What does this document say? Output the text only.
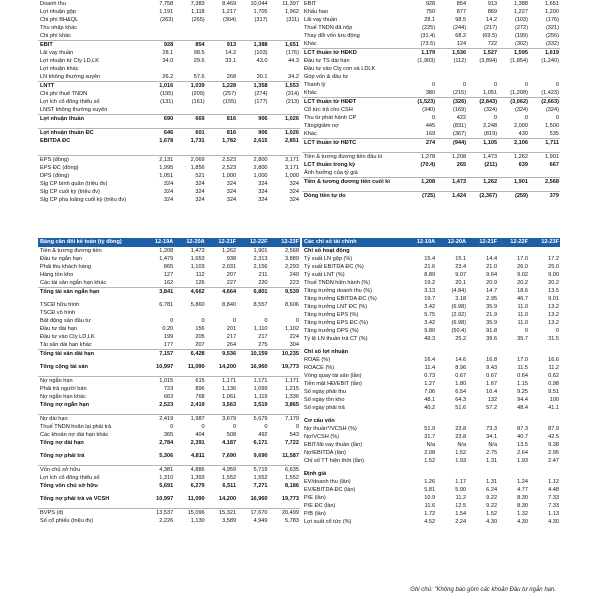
Doanh thu	7,758	7,383	8,469	10,044	11,397
Lợi nhuận gộp	1,191	1,118	1,217	1,705	1,962
Chi phí BH&QL	(263)	(265)	(304)	(317)	(311)
Thu nhập khác					
Chi phí khác					
EBIT	928	854	913	1,388	1,651
Lãi vay thuần	28.1	98.5	14.2	(103)	(176)
Lợi nhuận từ Cty LD,LK	34.0	29.6	33.1	43.0	44.3
Lợi nhuận khác					
LN không thường xuyên	26.2	57.6	268	30.1	34.2
LNTT	1,016	1,039	1,228	1,358	1,553
Chi phí thuế TNDN	(195)	(209)	(257)	(274)	(314)
Lợi ích cổ đông thiểu số	(131)	(161)	(155)	(177)	(213)
LNST không thường xuyên					
Lợi nhuận thuần	690	669	816	906	1,026

Lợi nhuận thuần ĐC	646	601	816	906	1,026
EBITDA ĐC	1,678	1,731	1,782	2,615	2,851

EPS (đồng)	2,131	2,069	2,523	2,800	3,171
EPS ĐC (đồng)	1,995	1,856	2,523	2,800	3,171
DPS (đồng)	1,051	521	1,000	1,000	1,000
Slg CP bình quân (triệu đv)	324	324	324	324	324
Slg CP cuối kỳ (triệu đv)	324	324	324	324	324
Slg CP pha loãng cuối kỳ (triệu đv)	324	324	324	324	324
EBIT	928	854	913	1,388	1,651
Khấu hao	750	877	869	1,227	1,200
Lãi vay thuần	28.1	98.5	14.2	(103)	(176)
Thuế TNDN đã nộp	(225)	(244)	(217)	(272)	(321)
Thay đổi vốn lưu động	(31.4)	68.2	(69.5)	(199)	(256)
Khác	(73.5)	124	722	(302)	(332)
LCT thuần từ HĐKD	1,179	1,536	1,527	1,595	1,619
Đầu tư TS dài hạn	(1,903)	(112)	(3,894)	(1,854)	(1,240)
Đầu tư vào Cty con và LDLK					
Góp vốn & đầu tư					
Thanh lý	0	0	0	0	0
Khác	380	(215)	1,051	(1,208)	(1,423)
LCT thuần từ HĐĐT	(1,523)	(326)	(2,843)	(3,062)	(2,663)
Cổ tức trả cho CSH	(340)	(169)	(324)	(324)	(324)
Thu từ phát hành CP	0	422	0	0	0
Tăng/giảm nợ	445	(831)	2,248	2,000	1,500
Khác	169	(367)	(819)	430	535
LCT thuần từ HĐTC	274	(944)	1,105	2,106	1,711

Tiền & tương đương tiền đầu kì	1,278	1,208	1,473	1,262	1,901
LCT thuần trong kỳ	(70.4)	265	(211)	639	667
Ảnh hưởng của tỷ giá					
Tiền & tương đương tiền cuối kì	1,208	1,473	1,262	1,901	2,568

Dòng tiền tự do	(725)	1,424	(2,367)	(259)	379
Bảng cân đối kế toán (tỷ đồng)	12-19A	12-20A	12-21F	12-22F	12-23F
Tiền & tương đương tiền	1,208	1,473	1,262	1,901	2,568
Đầu tư ngắn hạn	1,479	1,653	938	2,313	3,889
Phải thu khách hàng	865	1,103	2,031	2,156	2,293
Hàng tồn kho	127	112	207	211	240
Các tài sản ngắn hạn khác	162	126	227	220	223
Tổng tài sản ngắn hạn	3,841	4,662	4,664	6,801	9,539

TSCĐ hữu hình	6,781	5,860	8,840	8,557	8,606
TSCĐ vô hình					
Bất động sản đầu tư	0	0	0	0	0
Đầu tư dài hạn	0.20	156	201	1,110	1,102
Đầu tư vào Cty LD,LK	199	205	217	217	224
Tài sản dài hạn khác	177	207	264	275	304
Tổng tài sản dài hạn	7,157	6,428	9,536	10,159	10,235

Tổng cộng tài sản	10,997	11,090	14,200	16,960	19,773

Nợ ngắn hạn	1,015	615	1,171	1,171	1,171
Phải trả người bán	723	896	1,136	1,099	1,215
Nợ ngắn hạn khác	663	768	1,061	1,119	1,336
Tổng nợ ngắn hạn	2,523	2,419	3,563	3,519	3,865

Nợ dài hạn	2,419	1,987	3,679	5,679	7,179
Thuế TNDN hoãn lại phải trả	0	0	0	0	0
Các khoản nợ dài hạn khác	365	404	508	492	543
Tổng nợ dài hạn	2,784	2,391	4,187	6,171	7,722

Tổng nợ phải trả	5,306	4,811	7,690	9,690	11,587

Vốn chủ sở hữu	4,381	4,886	4,959	5,719	6,635
Lợi ích cổ đông thiểu số	1,310	1,393	1,552	1,552	1,552
Tổng vốn chủ sở hữu	5,691	6,279	6,511	7,271	8,186

Tổng nợ phải trả và VCSH	10,997	11,090	14,200	16,960	19,773

BVPS (đ)	13,537	15,096	15,321	17,670	20,499
Số cổ phiếu (triệu đv)	2,226	1,130	3,589	4,949	5,783
Các chỉ số tài chính	12-19A	12-20A	12-21F	12-22F	12-23F
Chỉ số hoạt động					
Tỷ suất LN gộp (%)	15.4	15.1	14.4	17.0	17.2
Tỷ suất EBITDA ĐC (%)	21.6	23.4	21.0	26.0	25.0
Tỷ suất LNT (%)	8.89	9.07	9.64	9.02	9.00
Thuế TNDN hiện hành (%)	19.2	20.1	20.9	20.2	20.2
Tăng trưởng doanh thu (%)	3.13	(4.84)	14.7	18.6	13.5
Tăng trưởng EBITDA ĐC (%)	19.7	3.18	2.95	46.7	9.01
Tăng trưởng LNT ĐC (%)	3.42	(6.98)	35.9	11.0	13.2
Tăng trưởng EPS (%)	5.75	(2.92)	21.9	11.0	13.2
Tăng trưởng EPS ĐC (%)	3.42	(6.98)	35.9	11.0	13.2
Tăng trưởng DPS (%)	9.80	(50.4)	91.8	0	0
Tỷ lệ LN thuần trả CT (%)	49.3	25.2	39.6	35.7	31.5

Chỉ số lợi nhuận					
ROAE (%)	16.4	14.6	16.8	17.0	16.6
ROACE (%)	11.4	8.96	9.43	11.5	11.2
Vòng quay tài sản (lần)	0.73	0.67	0.67	0.64	0.62
Tiền mặt HĐ/EBIT (lần)	1.27	1.80	1.67	1.15	0.98
Số ngày phải thu	7.06	6.54	10.4	9.25	9.51
Số ngày tồn kho	48.1	64.3	132	94.4	100
Số ngày phải trả	40.2	51.6	57.2	48.4	41.1

Cơ cấu vốn					
Nợ thuần*/VCSH (%)	51.9	23.8	73.3	87.3	87.9
Nợ/VCSH (%)	31.7	23.8	34.1	40.7	42.5
EBIT/lãi vay thuần (lần)	N/a	N/a	N/a	13.5	9.38
Nợ/EBITDA (lần)	2.08	1.52	2.75	2.64	2.95
Chỉ số TT hiện thời (lần)	1.52	1.93	1.31	1.93	2.47

Định giá					
EV/doanh thu (lần)	1.26	1.17	1.31	1.24	1.12
EV/EBITDA ĐC (lần)	5.81	5.00	6.24	4.77	4.48
P/E (lần)	10.9	11.2	9.22	8.30	7.33
P/E ĐC (lần)	11.6	12.5	9.22	8.30	7.33
P/B (lần)	1.72	1.54	1.52	1.32	1.13
Lợi suất cổ tức (%)	4.52	2.24	4.30	4.30	4.30
Ghi chú: "Không bao gồm các khoản Đầu tư ngắn hạn.
